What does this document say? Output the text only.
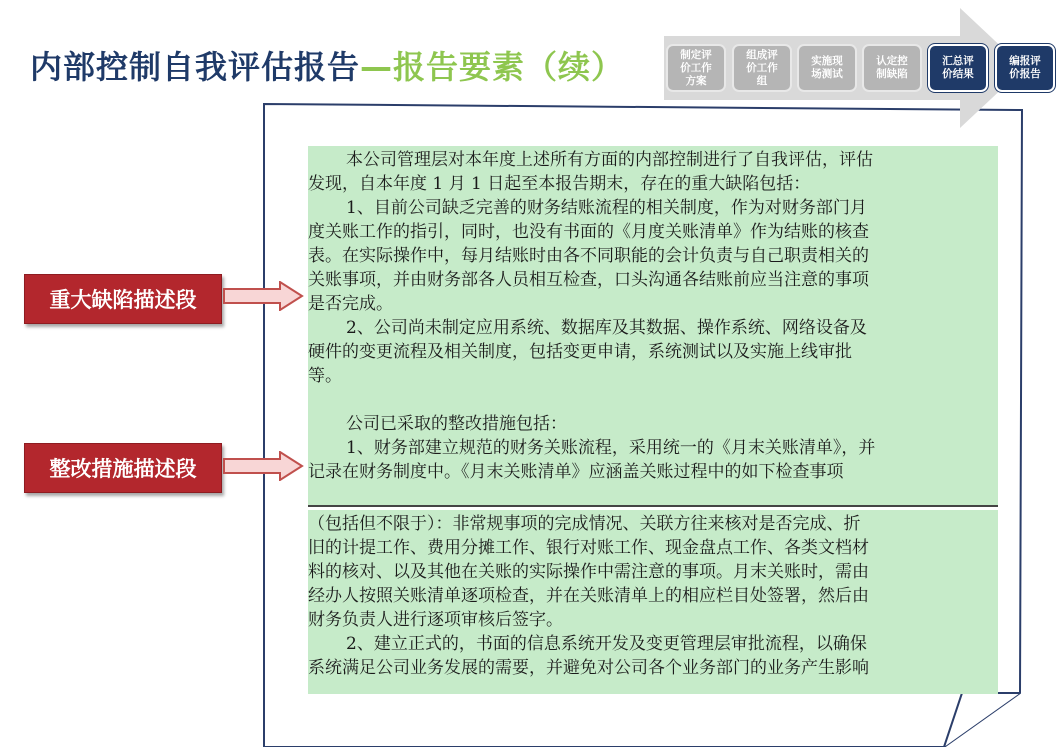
内部控制自我评估报告—报告要素（续）	制定评
价工作
方案
组成评
价工作
组
实施现
场测试
认定控
制缺陷
汇总评
价结果
编报评
价报告

本公司管理层对本年度上述所有方面的内部控制进行了自我评估，评估

发现，自本年度 1 月 1 日起至本报告期末，存在的重大缺陷包括：

1、目前公司缺乏完善的财务结账流程的相关制度，作为对财务部门月

度关账工作的指引，同时，也没有书面的《月度关账清单》作为结账的核查

表。在实际操作中，每月结账时由各不同职能的会计负责与自己职责相关的

关账事项，并由财务部各人员相互检查，口头沟通各结账前应当注意的事项

是否完成。

2、公司尚未制定应用系统、数据库及其数据、操作系统、网络设备及

硬件的变更流程及相关制度，包括变更申请，系统测试以及实施上线审批

等。

公司已采取的整改措施包括：

1、财务部建立规范的财务关账流程，采用统一的《月末关账清单》，并

记录在财务制度中。《月末关账清单》应涵盖关账过程中的如下检查事项

（包括但不限于）：非常规事项的完成情况、关联方往来核对是否完成、折

旧的计提工作、费用分摊工作、银行对账工作、现金盘点工作、各类文档材

料的核对、以及其他在关账的实际操作中需注意的事项。月末关账时，需由

经办人按照关账清单逐项检查，并在关账清单上的相应栏目处签署，然后由

财务负责人进行逐项审核后签字。

2、建立正式的，书面的信息系统开发及变更管理层审批流程，以确保

系统满足公司业务发展的需要，并避免对公司各个业务部门的业务产生影响

重大缺陷描述段
整改措施描述段
